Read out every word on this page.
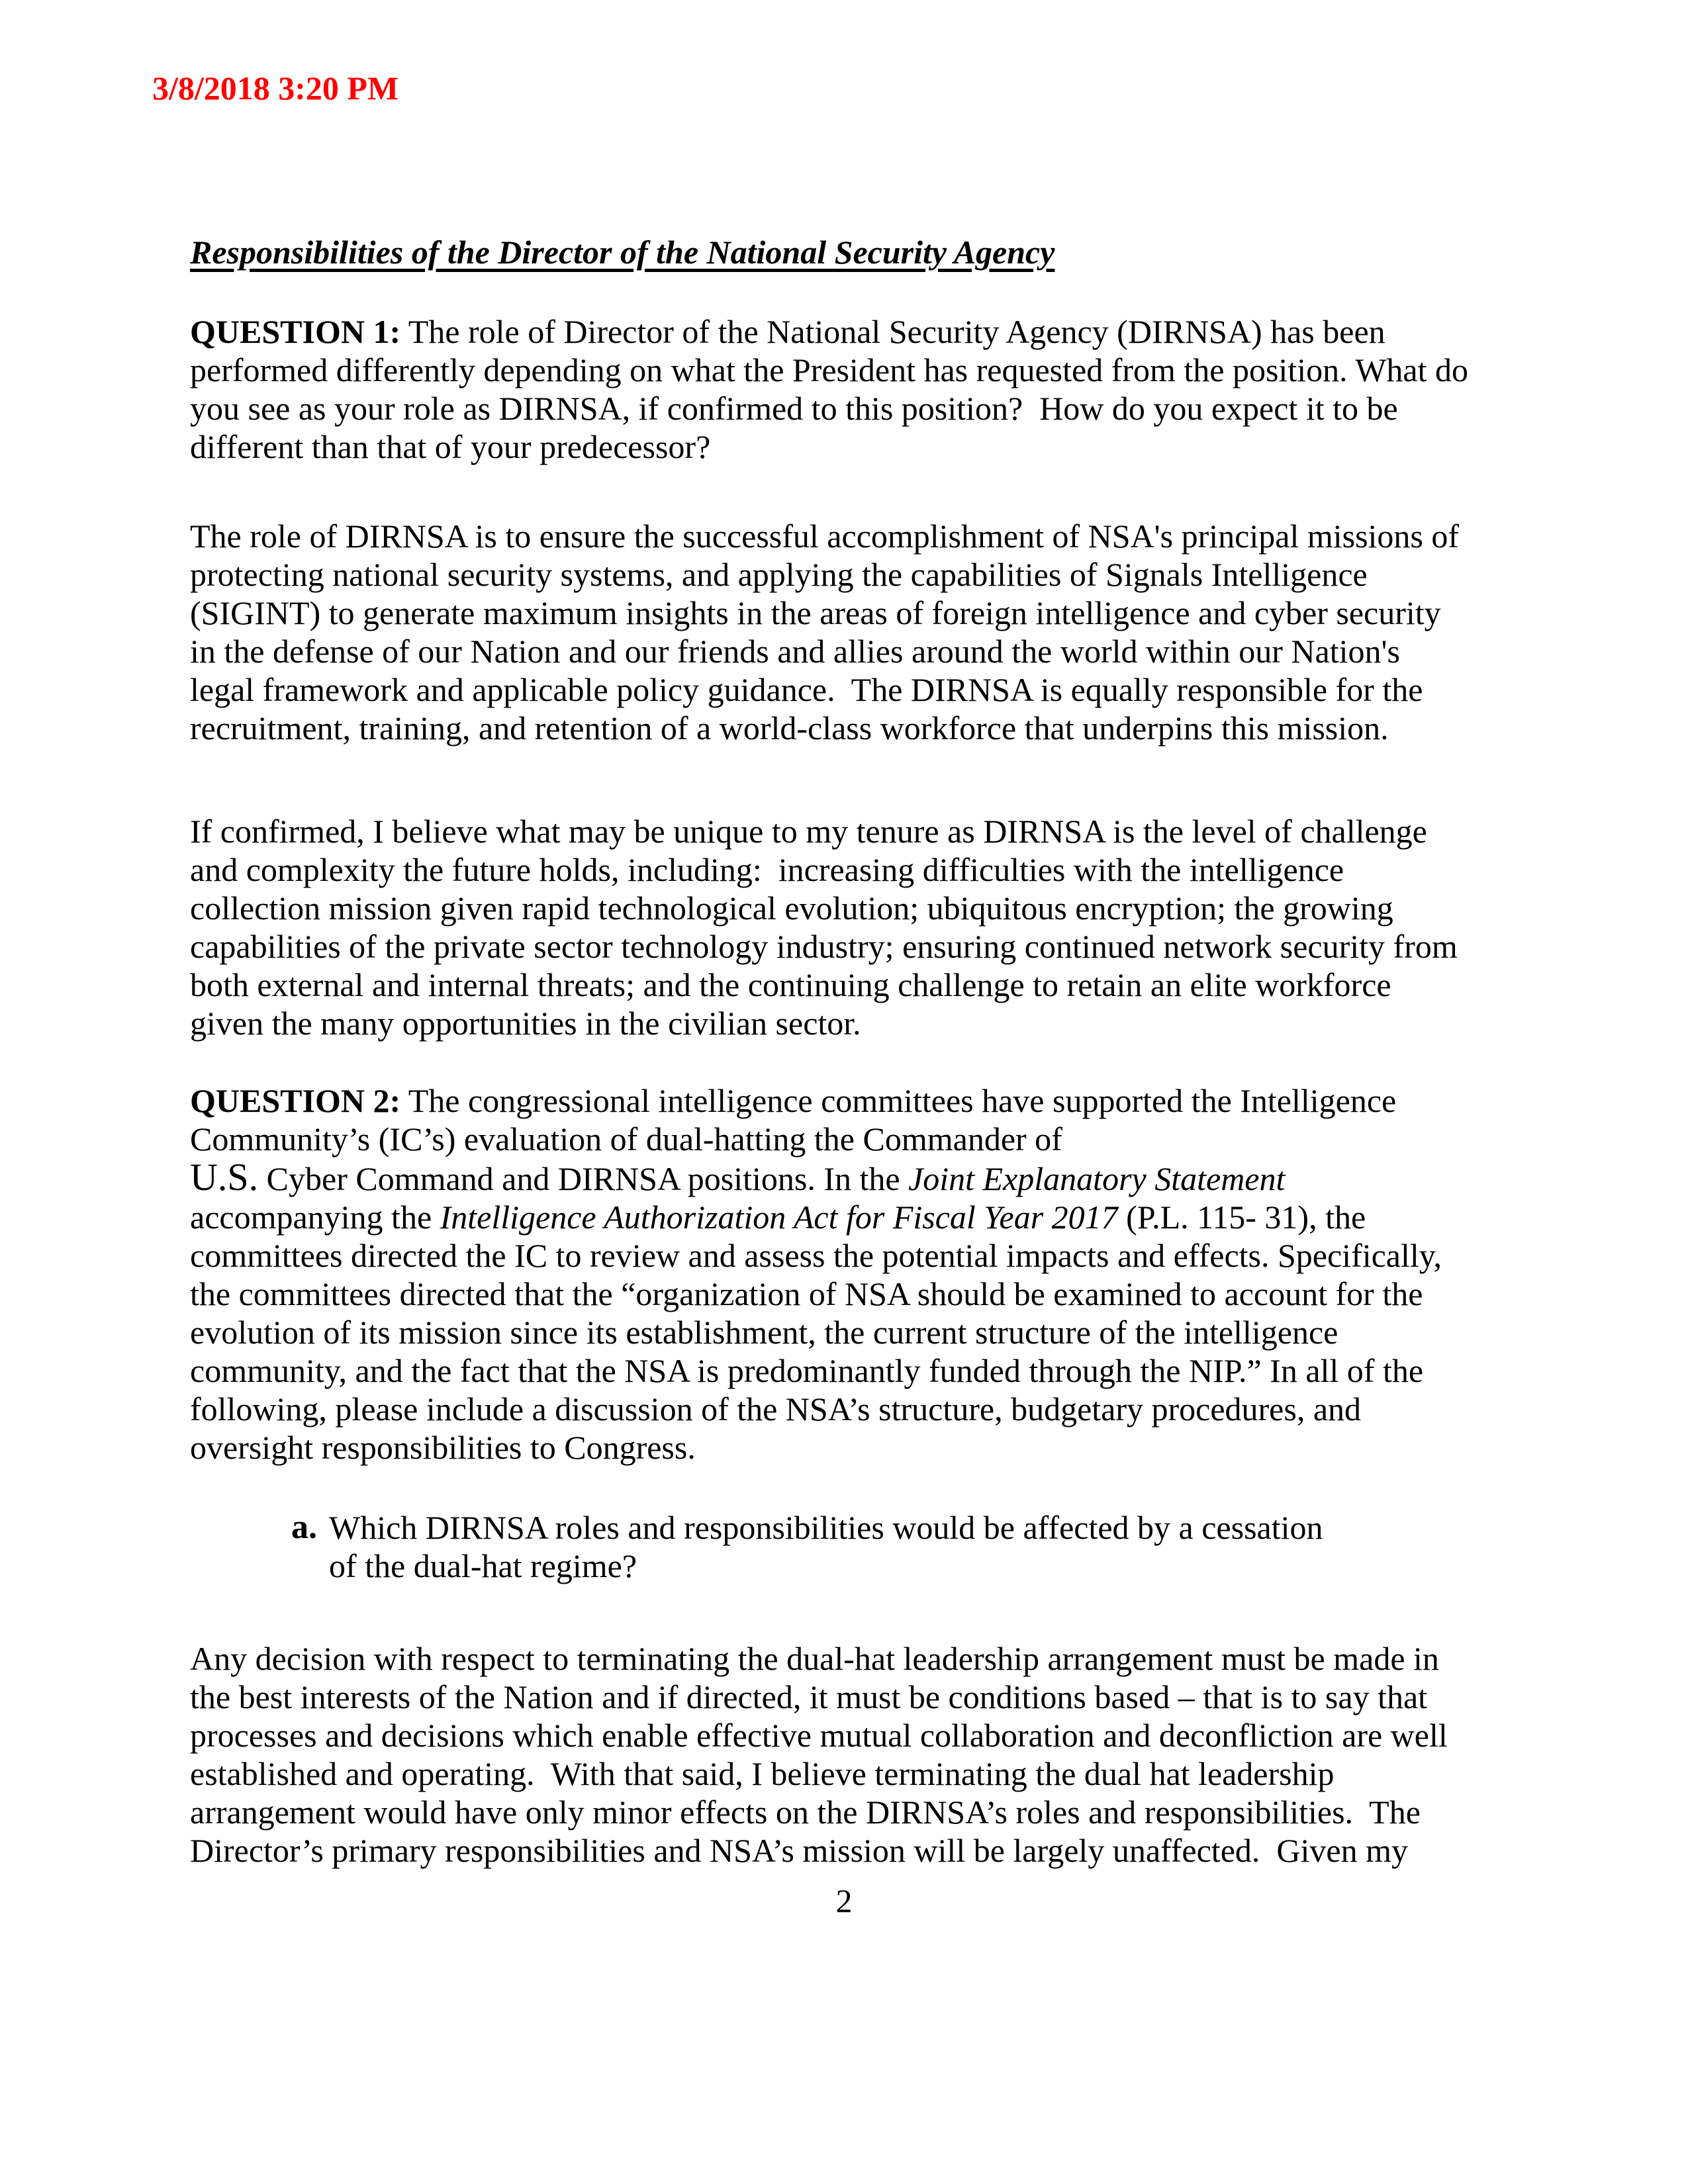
3/8/2018 3:20 PM
Responsibilities of the Director of the National Security Agency

QUESTION 1: The role of Director of the National Security Agency (DIRNSA) has been performed differently depending on what the President has requested from the position. What do you see as your role as DIRNSA, if confirmed to this position?  How do you expect it to be different than that of your predecessor?

The role of DIRNSA is to ensure the successful accomplishment of NSA's principal missions of protecting national security systems, and applying the capabilities of Signals Intelligence (SIGINT) to generate maximum insights in the areas of foreign intelligence and cyber security in the defense of our Nation and our friends and allies around the world within our Nation's legal framework and applicable policy guidance.  The DIRNSA is equally responsible for the recruitment, training, and retention of a world-class workforce that underpins this mission.

If confirmed, I believe what may be unique to my tenure as DIRNSA is the level of challenge and complexity the future holds, including:  increasing difficulties with the intelligence collection mission given rapid technological evolution; ubiquitous encryption; the growing capabilities of the private sector technology industry; ensuring continued network security from both external and internal threats; and the continuing challenge to retain an elite workforce given the many opportunities in the civilian sector.

QUESTION 2: The congressional intelligence committees have supported the Intelligence Community’s (IC’s) evaluation of dual-hatting the Commander of
U.S. Cyber Command and DIRNSA positions. In the Joint Explanatory Statement accompanying the Intelligence Authorization Act for Fiscal Year 2017 (P.L. 115- 31), the committees directed the IC to review and assess the potential impacts and effects. Specifically, the committees directed that the “organization of NSA should be examined to account for the evolution of its mission since its establishment, the current structure of the intelligence community, and the fact that the NSA is predominantly funded through the NIP.” In all of the following, please include a discussion of the NSA’s structure, budgetary procedures, and oversight responsibilities to Congress.

a. Which DIRNSA roles and responsibilities would be affected by a cessation
of the dual-hat regime?

Any decision with respect to terminating the dual-hat leadership arrangement must be made in the best interests of the Nation and if directed, it must be conditions based – that is to say that processes and decisions which enable effective mutual collaboration and deconfliction are well established and operating.  With that said, I believe terminating the dual hat leadership arrangement would have only minor effects on the DIRNSA’s roles and responsibilities.  The Director’s primary responsibilities and NSA’s mission will be largely unaffected.  Given my

2
